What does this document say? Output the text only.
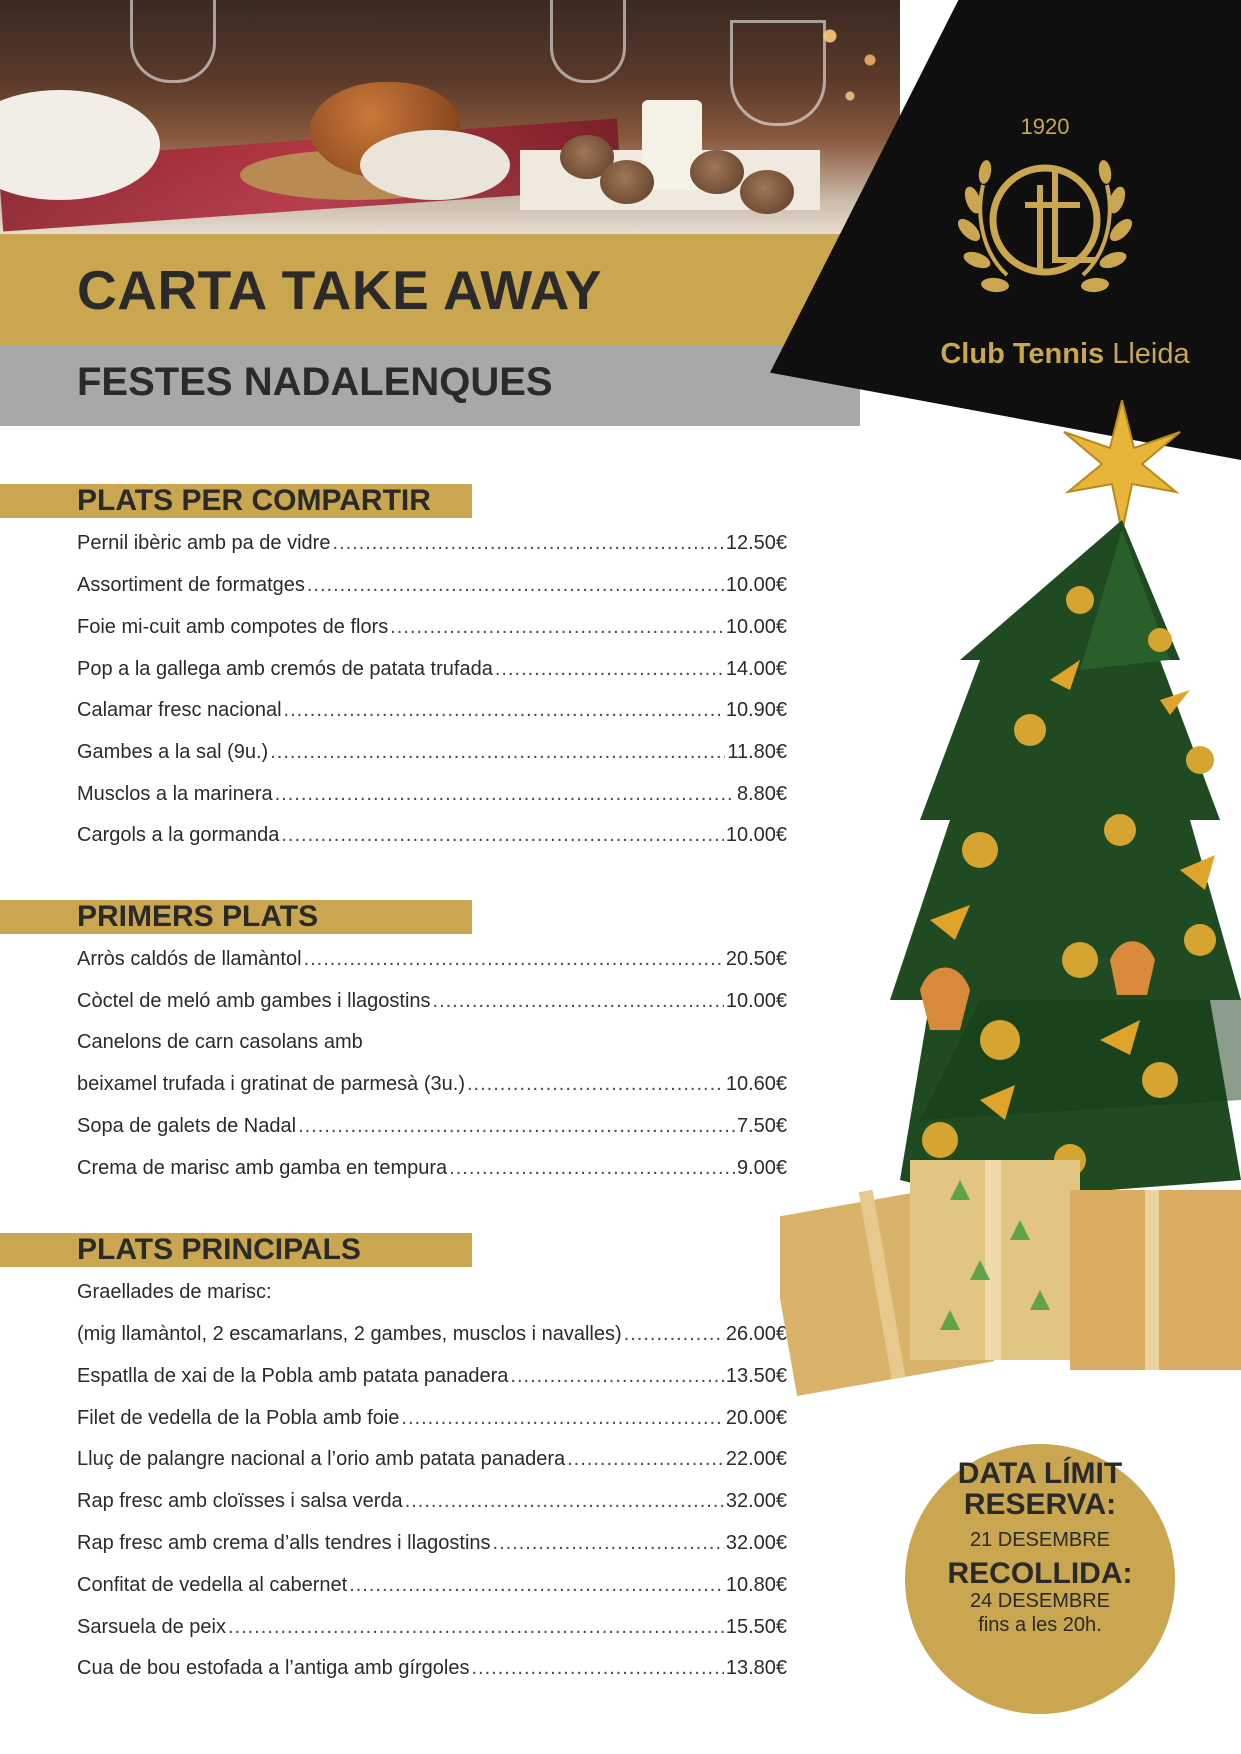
CARTA TAKE AWAY
FESTES NADALENQUES
1920
Club Tennis Lleida
PLATS PER COMPARTIR
Pernil ibèric amb pa de vidre .....	12.50€
Assortiment de formatges .....	10.00€
Foie mi-cuit amb compotes de flors .....	10.00€
Pop a la gallega amb cremós de patata trufada .....	14.00€
Calamar fresc nacional .....	10.90€
Gambes a la sal (9u.) .....	11.80€
Musclos a la marinera .....	8.80€
Cargols a la gormanda .....	10.00€
PRIMERS PLATS
Arròs caldós de llamàntol .....	20.50€
Còctel de meló amb gambes i llagostins .....	10.00€
Canelons de carn casolans amb
beixamel trufada i gratinat de parmesà (3u.) .....	10.60€
Sopa de galets de Nadal .....	7.50€
Crema de marisc amb gamba en tempura .....	9.00€
PLATS PRINCIPALS
Graellades de marisc:
(mig llamàntol, 2 escamarlans, 2 gambes, musclos i navalles) .....	26.00€
Espatlla de xai de la Pobla amb patata panadera .....	13.50€
Filet de vedella de la Pobla amb foie .....	20.00€
Lluç de palangre nacional a l’orio amb patata panadera .....	22.00€
Rap fresc amb cloïsses i salsa verda .....	32.00€
Rap fresc amb crema d’alls tendres i llagostins .....	32.00€
Confitat de vedella al cabernet .....	10.80€
Sarsuela de peix .....	15.50€
Cua de bou estofada a l’antiga amb gírgoles .....	13.80€
DATA LÍMIT
RESERVA:
21 DESEMBRE
RECOLLIDA:
24 DESEMBRE
fins a les 20h.
